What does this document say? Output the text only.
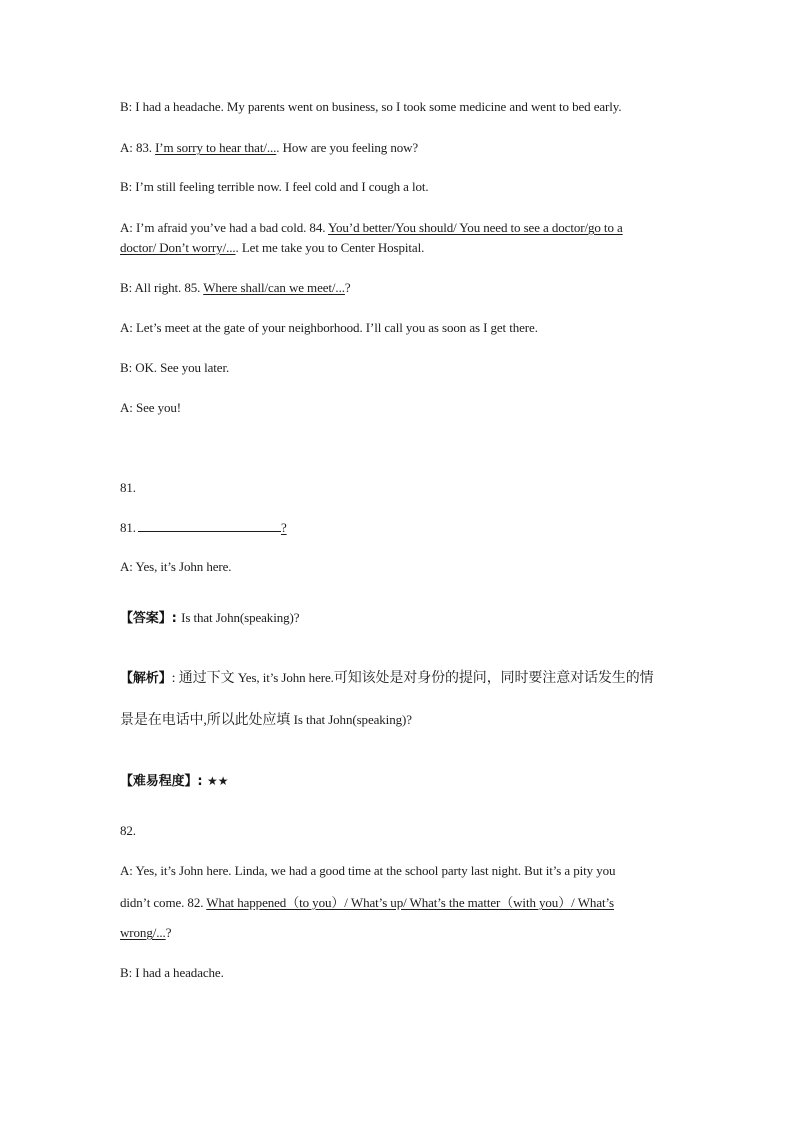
B: I had a headache. My parents went on business, so I took some medicine and went to bed early.
A: 83. I’m sorry to hear that/.... How are you feeling now?
B: I’m still feeling terrible now. I feel cold and I cough a lot.
A: I’m afraid you’ve had a bad cold. 84. You’d better/You should/ You need to see a doctor/go to a
doctor/ Don’t worry/.... Let me take you to Center Hospital.
B: All right. 85. Where shall/can we meet/...?
A: Let’s meet at the gate of your neighborhood. I’ll call you as soon as I get there.
B: OK. See you later.
A: See you!
81.
81.	?
A: Yes, it’s John here.
【答案】: Is that John(speaking)?
【解析】: 通过下文 Yes, it’s John here.可知该处是对身份的提问，同时要注意对话发生的情
景是在电话中,所以此处应填 Is that John(speaking)?
【难易程度】: ★★
82.
A: Yes, it’s John here. Linda, we had a good time at the school party last night. But it’s a pity you
didn’t come. 82. What happened（to you）/ What’s up/ What’s the matter（with you）/ What’s
wrong/...?
B: I had a headache.
